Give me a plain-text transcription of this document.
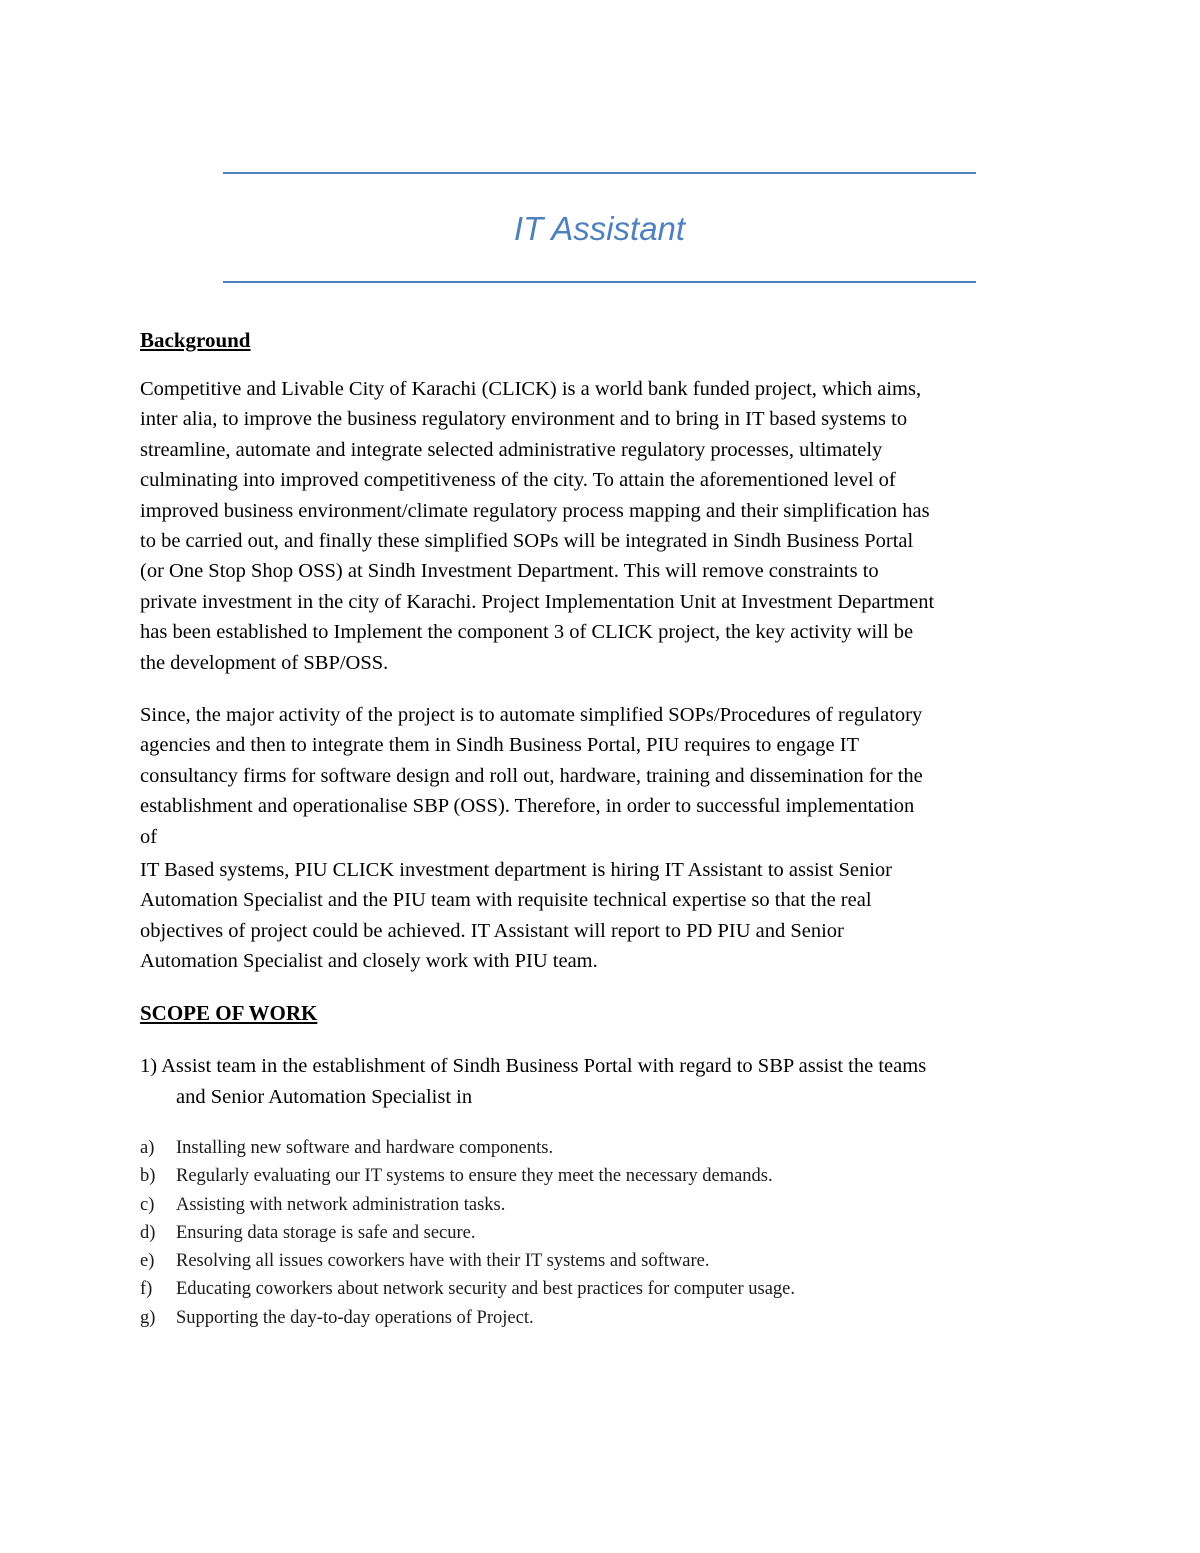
IT Assistant
Background

Competitive and Livable City of Karachi (CLICK) is a world bank funded project, which aims,
inter alia, to improve the business regulatory environment and to bring in IT based systems to
streamline, automate and integrate selected administrative regulatory processes, ultimately
culminating into improved competitiveness of the city. To attain the aforementioned level of
improved business environment/climate regulatory process mapping and their simplification has
to be carried out, and finally these simplified SOPs will be integrated in Sindh Business Portal
(or One Stop Shop OSS) at Sindh Investment Department. This will remove constraints to
private investment in the city of Karachi. Project Implementation Unit at Investment Department
has been established to Implement the component 3 of CLICK project, the key activity will be
the development of SBP/OSS.

Since, the major activity of the project is to automate simplified SOPs/Procedures of regulatory
agencies and then to integrate them in Sindh Business Portal, PIU requires to engage IT
consultancy firms for software design and roll out, hardware, training and dissemination for the
establishment and operationalise SBP (OSS). Therefore, in order to successful implementation
of

IT Based systems, PIU CLICK investment department is hiring IT Assistant to assist Senior
Automation Specialist and the PIU team with requisite technical expertise so that the real
objectives of project could be achieved. IT Assistant will report to PD PIU and Senior
Automation Specialist and closely work with PIU team.

SCOPE OF WORK
1) Assist team in the establishment of Sindh Business Portal with regard to SBP assist the teams
and Senior Automation Specialist in
a) Installing new software and hardware components.
b) Regularly evaluating our IT systems to ensure they meet the necessary demands.
c) Assisting with network administration tasks.
d) Ensuring data storage is safe and secure.
e) Resolving all issues coworkers have with their IT systems and software.
f) Educating coworkers about network security and best practices for computer usage.
g) Supporting the day-to-day operations of Project.
